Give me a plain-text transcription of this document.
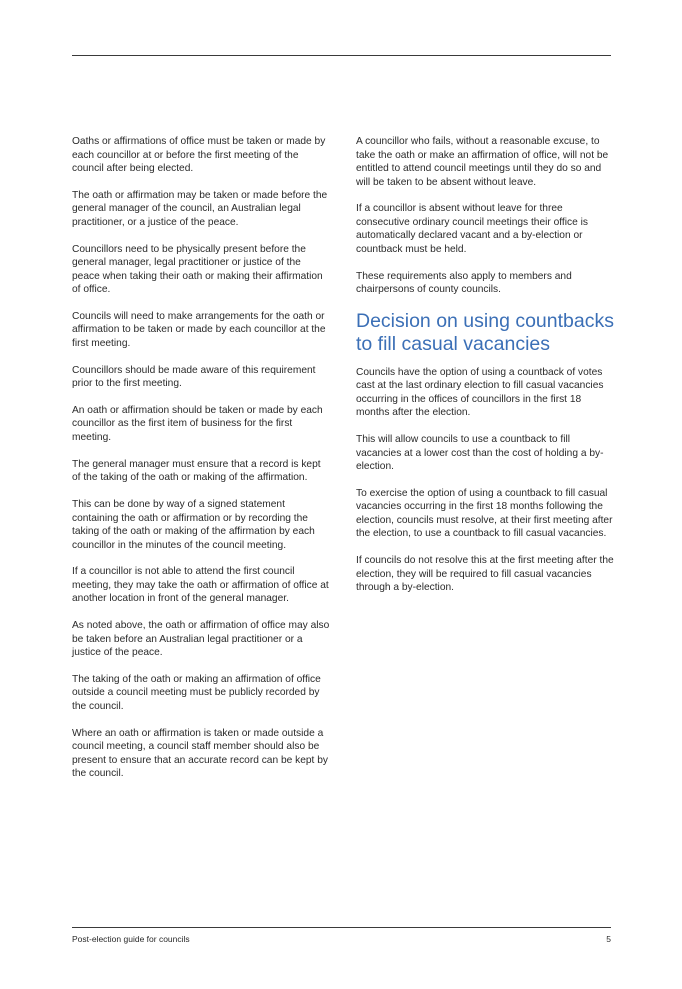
Oaths or affirmations of office must be taken or made by each councillor at or before the first meeting of the council after being elected.

The oath or affirmation may be taken or made before the general manager of the council, an Australian legal practitioner, or a justice of the peace.

Councillors need to be physically present before the general manager, legal practitioner or justice of the peace when taking their oath or making their affirmation of office.

Councils will need to make arrangements for the oath or affirmation to be taken or made by each councillor at the first meeting.

Councillors should be made aware of this requirement prior to the first meeting.

An oath or affirmation should be taken or made by each councillor as the first item of business for the first meeting.

The general manager must ensure that a record is kept of the taking of the oath or making of the affirmation.

This can be done by way of a signed statement containing the oath or affirmation or by recording the taking of the oath or making of the affirmation by each councillor in the minutes of the council meeting.

If a councillor is not able to attend the first council meeting, they may take the oath or affirmation of office at another location in front of the general manager.

As noted above, the oath or affirmation of office may also be taken before an Australian legal practitioner or a justice of the peace.

The taking of the oath or making an affirmation of office outside a council meeting must be publicly recorded by the council.

Where an oath or affirmation is taken or made outside a council meeting, a council staff member should also be present to ensure that an accurate record can be kept by the council.

A councillor who fails, without a reasonable excuse, to take the oath or make an affirmation of office, will not be entitled to attend council meetings until they do so and will be taken to be absent without leave.

If a councillor is absent without leave for three consecutive ordinary council meetings their office is automatically declared vacant and a by-election or countback must be held.

These requirements also apply to members and chairpersons of county councils.

Decision on using countbacks to fill casual vacancies

Councils have the option of using a countback of votes cast at the last ordinary election to fill casual vacancies occurring in the offices of councillors in the first 18 months after the election.

This will allow councils to use a countback to fill vacancies at a lower cost than the cost of holding a by-election.

To exercise the option of using a countback to fill casual vacancies occurring in the first 18 months following the election, councils must resolve, at their first meeting after the election, to use a countback to fill casual vacancies.

If councils do not resolve this at the first meeting after the election, they will be required to fill casual vacancies through a by-election.

Post-election guide for councils	5
